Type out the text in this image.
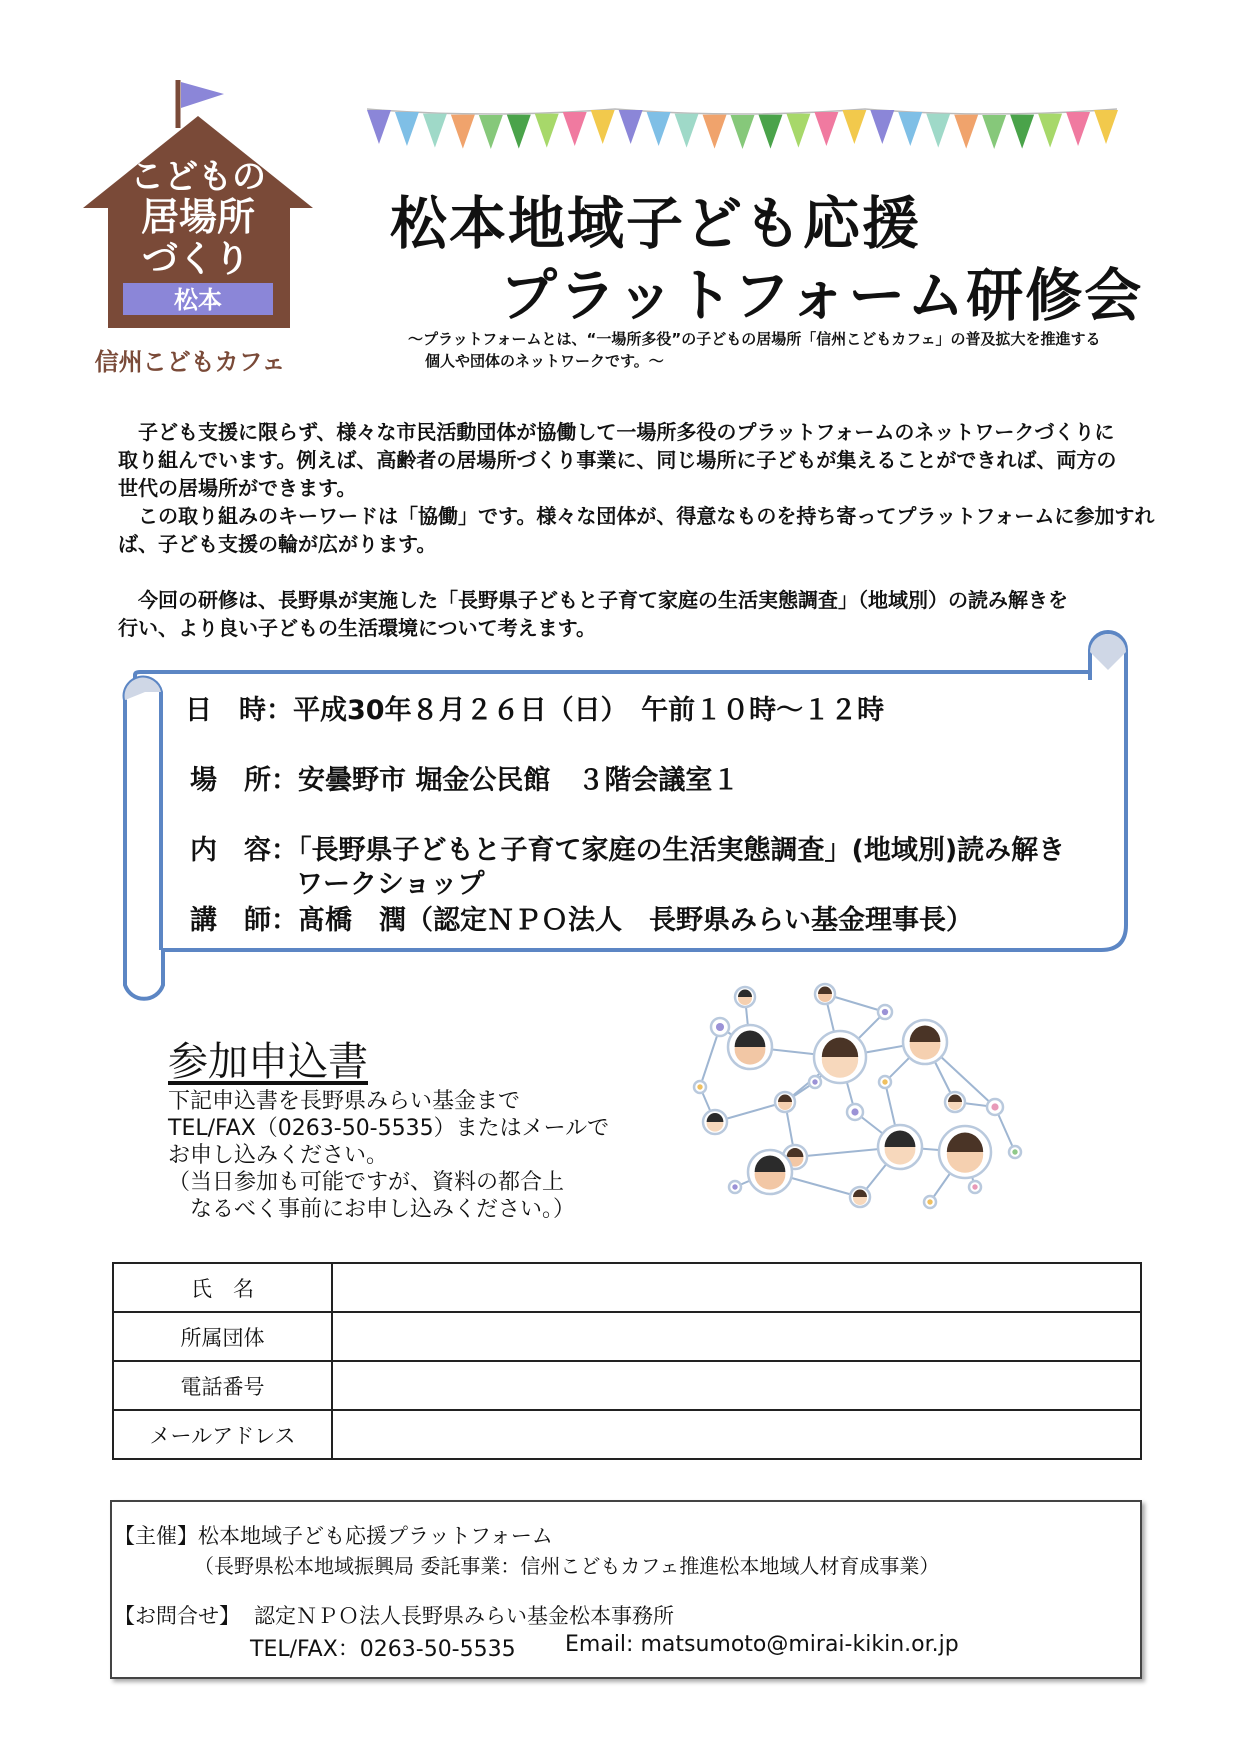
こどもの
居場所
づくり
松本
信州こどもカフェ
松本地域子ども応援
プラットフォーム研修会
～プラットフォームとは、“一場所多役”の子どもの居場所「信州こどもカフェ」の普及拡大を推進する
個人や団体のネットワークです。～
　子ども支援に限らず、様々な市民活動団体が協働して一場所多役のプラットフォームのネットワークづくりに
取り組んでいます。例えば、高齢者の居場所づくり事業に、同じ場所に子どもが集えることができれば、両方の
世代の居場所ができます。
　この取り組みのキーワードは「協働」です。様々な団体が、得意なものを持ち寄ってプラットフォームに参加すれ
ば、子ども支援の輪が広がります。
　今回の研修は、長野県が実施した「長野県子どもと子育て家庭の生活実態調査」（地域別）の読み解きを
行い、より良い子どもの生活環境について考えます。
日　時：平成30年８月２６日（日）　午前１０時～１２時
場　所：安曇野市 堀金公民館　３階会議室１
内　容：「長野県子どもと子育て家庭の生活実態調査」(地域別)読み解き
ワークショップ
講　師：髙橋　潤（認定ＮＰＯ法人　長野県みらい基金理事長）
参加申込書
下記申込書を長野県みらい基金まで
TEL/FAX（0263-50-5535）またはメールで
お申し込みください。
（当日参加も可能ですが、資料の都合上
　なるべく事前にお申し込みください。）
氏　名	
所属団体	
電話番号	
メールアドレス	
【主催】松本地域子ども応援プラットフォーム
（長野県松本地域振興局 委託事業：信州こどもカフェ推進松本地域人材育成事業）
【お問合せ】 認定ＮＰＯ法人長野県みらい基金松本事務所
TEL/FAX：0263-50-5535 Email: matsumoto@mirai-kikin.or.jp
